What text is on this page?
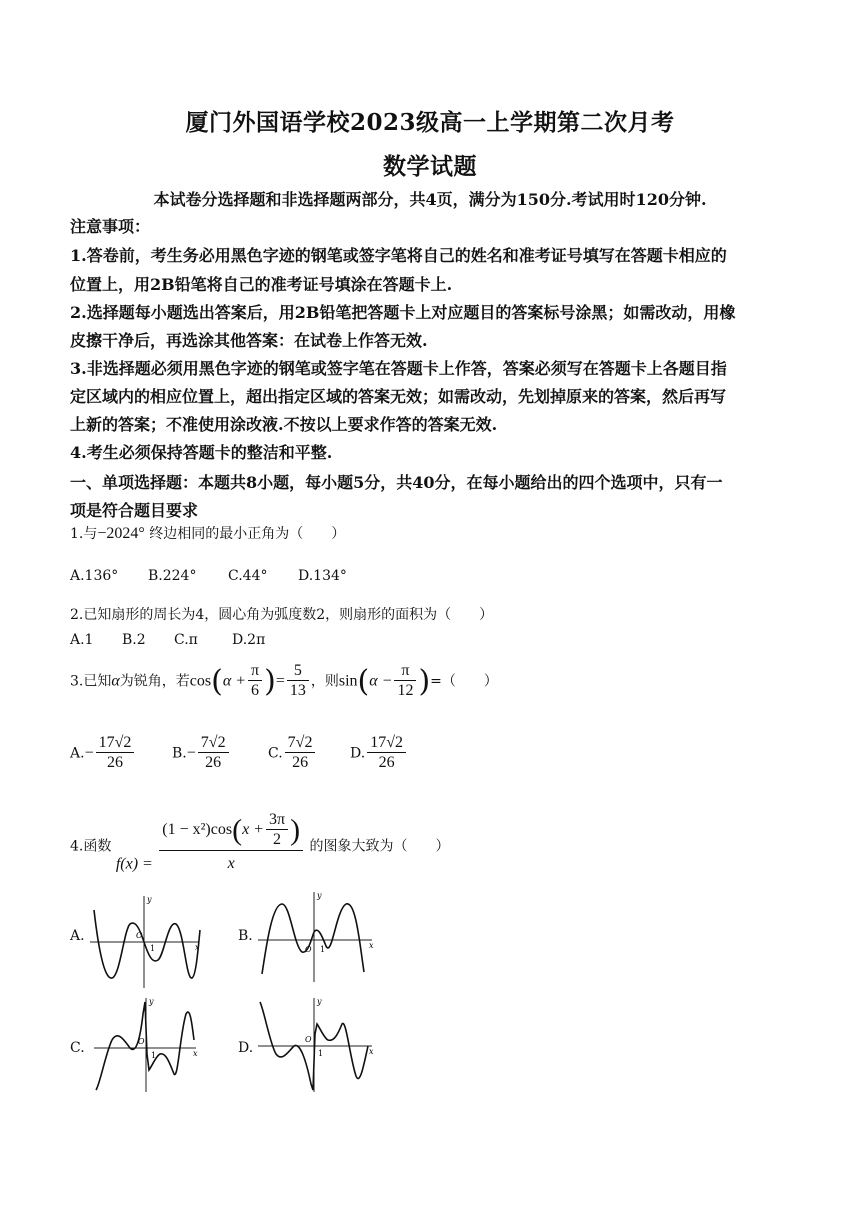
厦门外国语学校2023级高一上学期第二次月考
数学试题
本试卷分选择题和非选择题两部分，共4页，满分为150分.考试用时120分钟.
注意事项：
1.答卷前，考生务必用黑色字迹的钢笔或签字笔将自己的姓名和准考证号填写在答题卡相应的
位置上，用2B铅笔将自己的准考证号填涂在答题卡上.
2.选择题每小题选出答案后，用2B铅笔把答题卡上对应题目的答案标号涂黑；如需改动，用橡
皮擦干净后，再选涂其他答案：在试卷上作答无效.
3.非选择题必须用黑色字迹的钢笔或签字笔在答题卡上作答，答案必须写在答题卡上各题目指
定区域内的相应位置上，超出指定区域的答案无效；如需改动，先划掉原来的答案，然后再写
上新的答案；不准使用涂改液.不按以上要求作答的答案无效.
4.考生必须保持答题卡的整洁和平整.
一、单项选择题：本题共8小题，每小题5分，共40分，在每小题给出的四个选项中，只有一
项是符合题目要求
1.与−2024° 终边相同的最小正角为（　　）
A.136° B.224° C.44° D.134°
2.已知扇形的周长为4，圆心角为弧度数2，则扇形的面积为（　　）
A.1 B.2 C.π D.2π
3.已知α为锐角，若$\cos(\alpha + \frac{\pi}{6}$ )= $\frac{5}{13}$ ，则$\sin(\alpha - \frac{\pi}{12}$ )=（　　）
$A.- \frac{17√2}{26}$	$B.- \frac{7√2}{26}$	C. $\frac{7√2}{26} D$. $\frac{17√2}{26}$
4.函数 $f(x) = \frac{(1 - x^2)\cos(x + \frac{3\pi}{2} )}{x}$ 的图象大致为（　　）
A.
y
x
O
1
B.
y
x
O 1
C.
y
x
O
1	D.
y
x
O
1
